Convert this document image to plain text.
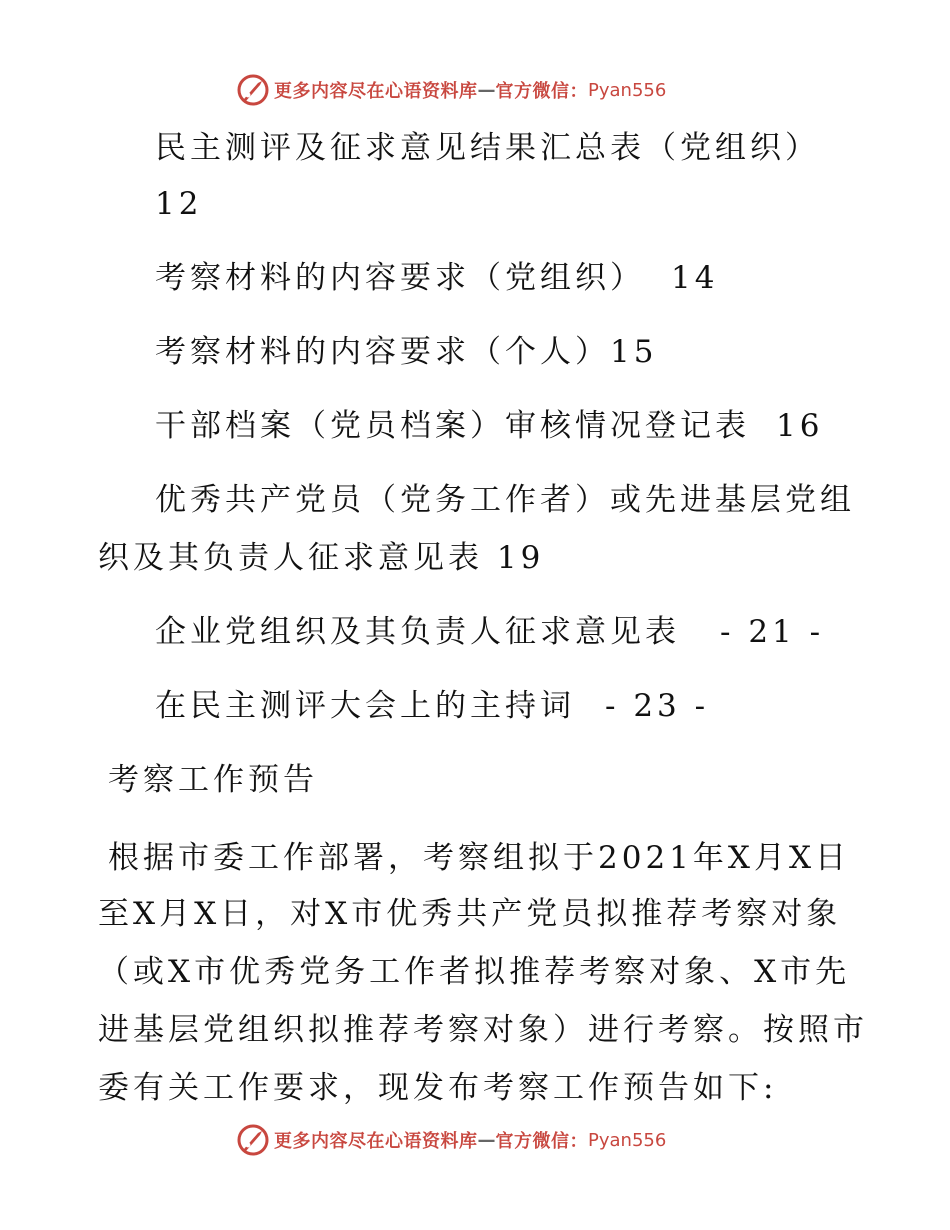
更多内容尽在心语资料库 — 官方微信： Pyan556
民主测评及征求意见结果汇总表（党组织）
12
考察材料的内容要求（党组织） 14
考察材料的内容要求（个人）15
干部档案（党员档案）审核情况登记表 16
优秀共产党员（党务工作者）或先进基层党组
织及其负责人征求意见表 19
企业党组织及其负责人征求意见表 - 21 -
在民主测评大会上的主持词 - 23 -
考察工作预告
根据市委工作部署，考察组拟于2021年X月X日
至X月X日，对X市优秀共产党员拟推荐考察对象
（或X市优秀党务工作者拟推荐考察对象、X市先
进基层党组织拟推荐考察对象）进行考察。按照市
委有关工作要求，现发布考察工作预告如下:
更多内容尽在心语资料库 — 官方微信： Pyan556
